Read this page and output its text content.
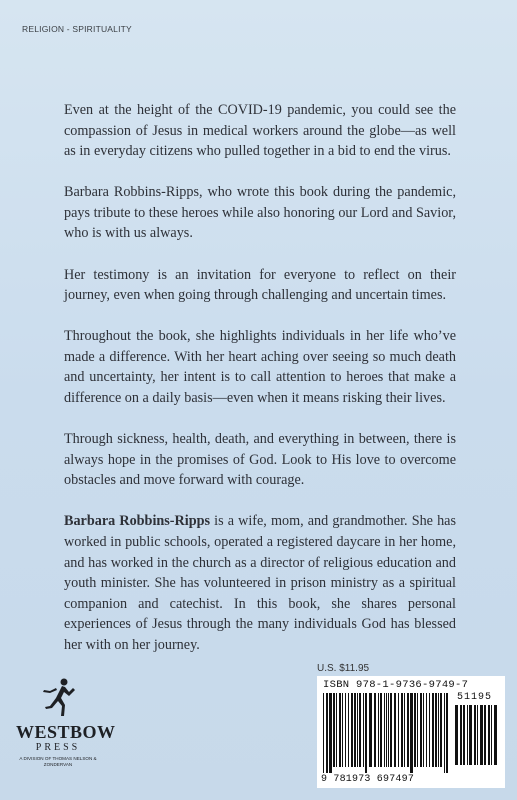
RELIGION - SPIRITUALITY

Even at the height of the COVID-19 pandemic, you could see the compassion of Jesus in medical workers around the globe—as well as in everyday citizens who pulled together in a bid to end the virus.

Barbara Robbins-Ripps, who wrote this book during the pandemic, pays tribute to these heroes while also honoring our Lord and Savior, who is with us always.

Her testimony is an invitation for everyone to reflect on their journey, even when going through challenging and uncertain times.

Throughout the book, she highlights individuals in her life who’ve made a difference. With her heart aching over seeing so much death and uncertainty, her intent is to call attention to heroes that make a difference on a daily basis—even when it means risking their lives.

Through sickness, health, death, and everything in between, there is always hope in the promises of God. Look to His love to overcome obstacles and move forward with courage.

Barbara Robbins-Ripps is a wife, mom, and grandmother. She has worked in public schools, operated a registered daycare in her home, and has worked in the church as a director of religious education and youth minister. She has volunteered in prison ministry as a spiritual companion and catechist. In this book, she shares personal experiences of Jesus through the many individuals God has blessed her with on her journey.

WESTBOW
PRESS
A DIVISION OF THOMAS NELSON & ZONDERVAN
U.S. $11.95
ISBN 978-1-9736-9749-7
51195
9 781973 697497
